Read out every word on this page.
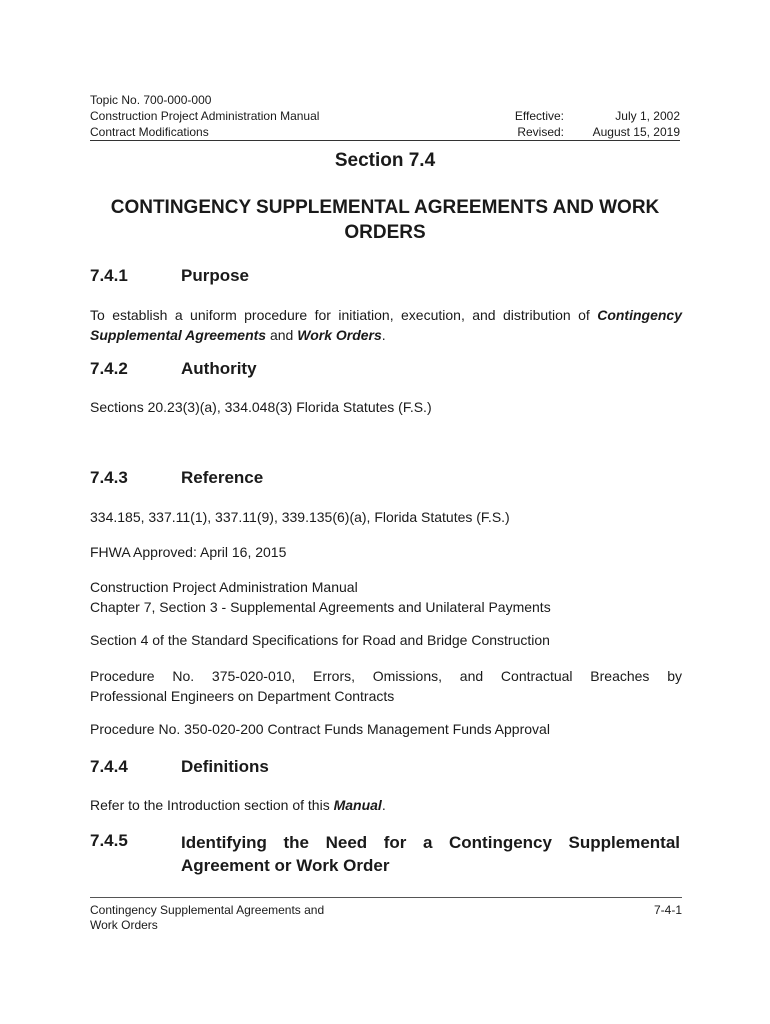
Topic No. 700-000-000
Construction Project Administration Manual	Effective:	July 1, 2002
Contract Modifications	Revised: August 15, 2019
Section 7.4
CONTINGENCY SUPPLEMENTAL AGREEMENTS AND WORK ORDERS
7.4.1	Purpose
To establish a uniform procedure for initiation, execution, and distribution of Contingency Supplemental Agreements and Work Orders.
7.4.2	Authority
Sections 20.23(3)(a), 334.048(3) Florida Statutes (F.S.)
7.4.3	Reference
334.185, 337.11(1), 337.11(9), 339.135(6)(a), Florida Statutes (F.S.)
FHWA Approved: April 16, 2015
Construction Project Administration Manual
Chapter 7, Section 3 - Supplemental Agreements and Unilateral Payments
Section 4 of the Standard Specifications for Road and Bridge Construction
Procedure No. 375-020-010, Errors, Omissions, and Contractual Breaches by
Professional Engineers on Department Contracts
Procedure No. 350-020-200 Contract Funds Management Funds Approval
7.4.4	Definitions
Refer to the Introduction section of this Manual.
7.4.5	Identifying the Need for a Contingency Supplemental
Agreement or Work Order
Contingency Supplemental Agreements and
Work Orders
7-4-1
